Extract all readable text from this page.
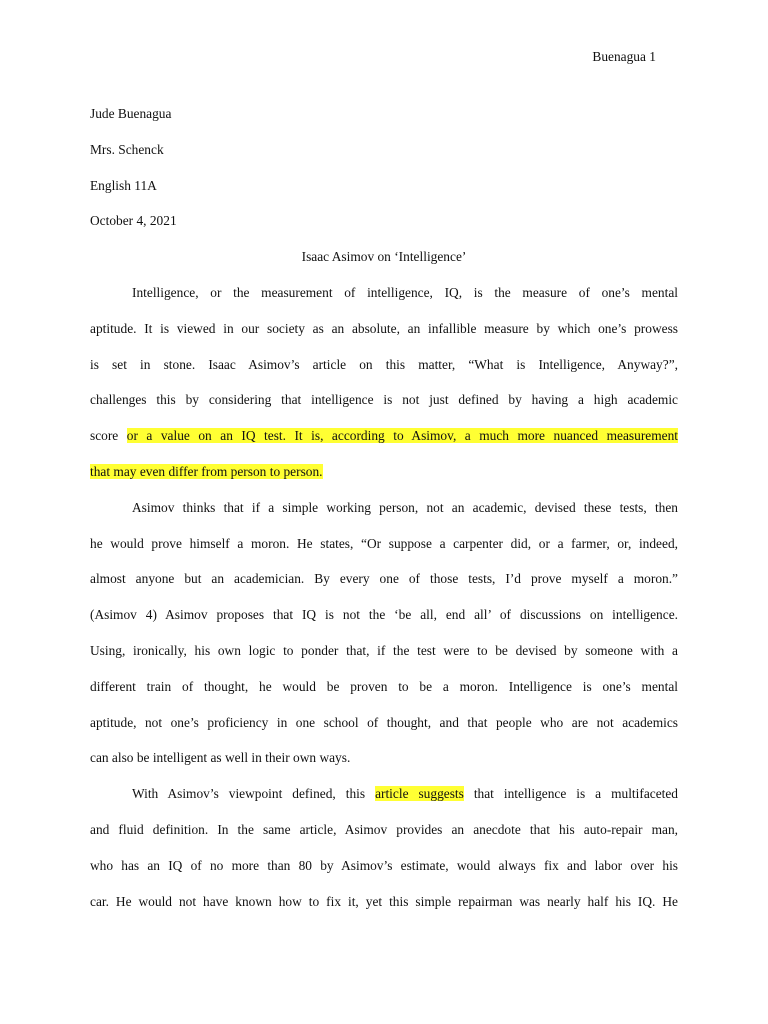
Buenagua 1
Jude Buenagua
Mrs. Schenck
English 11A
October 4, 2021
Isaac Asimov on ‘Intelligence’
Intelligence, or the measurement of intelligence, IQ, is the measure of one’s mental
aptitude. It is viewed in our society as an absolute, an infallible measure by which one’s prowess
is set in stone. Isaac Asimov’s article on this matter, “What is Intelligence, Anyway?”,
challenges this by considering that intelligence is not just defined by having a high academic
score or a value on an IQ test. It is, according to Asimov, a much more nuanced measurement
that may even differ from person to person.
Asimov thinks that if a simple working person, not an academic, devised these tests, then
he would prove himself a moron. He states, “Or suppose a carpenter did, or a farmer, or, indeed,
almost anyone but an academician. By every one of those tests, I’d prove myself a moron.”
(Asimov 4) Asimov proposes that IQ is not the ‘be all, end all’ of discussions on intelligence.
Using, ironically, his own logic to ponder that, if the test were to be devised by someone with a
different train of thought, he would be proven to be a moron. Intelligence is one’s mental
aptitude, not one’s proficiency in one school of thought, and that people who are not academics
can also be intelligent as well in their own ways.
With Asimov’s viewpoint defined, this article suggests that intelligence is a multifaceted
and fluid definition. In the same article, Asimov provides an anecdote that his auto-repair man,
who has an IQ of no more than 80 by Asimov’s estimate, would always fix and labor over his
car. He would not have known how to fix it, yet this simple repairman was nearly half his IQ. He
